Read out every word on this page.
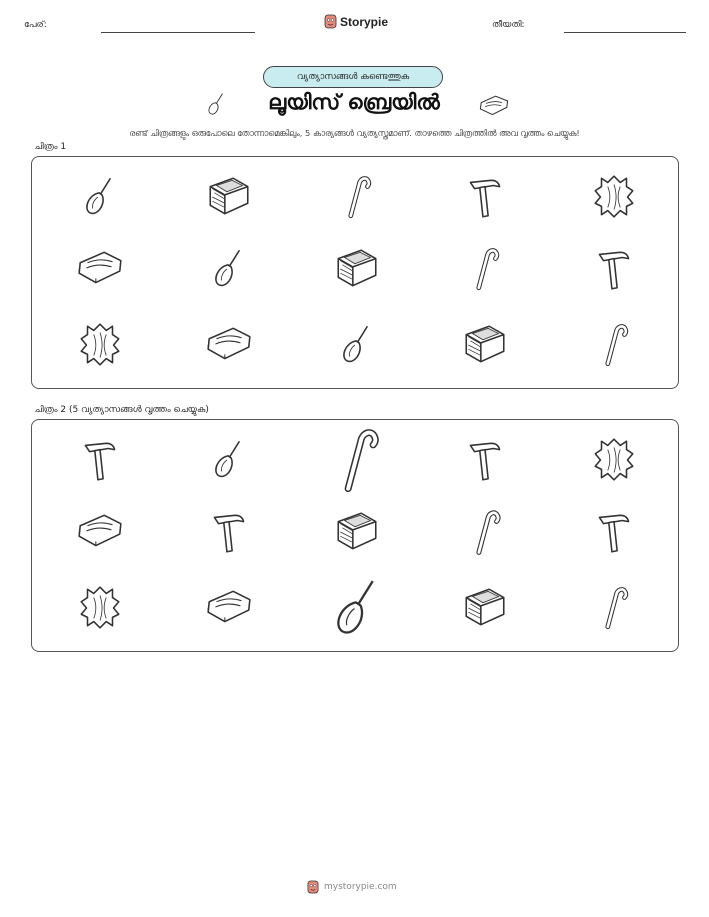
പേര്:	Storypie	തീയതി:
വ്യത്യാസങ്ങൾ കണ്ടെത്തുക
ലൂയിസ് ബ്രെയിൽ
രണ്ട് ചിത്രങ്ങളും ഒരുപോലെ തോന്നാമെങ്കിലും, 5 കാര്യങ്ങൾ വ്യത്യസ്തമാണ്. താഴത്തെ ചിത്രത്തിൽ അവ വൃത്തം ചെയ്യുക!
ചിത്രം 1
ചിത്രം 2 (5 വ്യത്യാസങ്ങൾ വൃത്തം ചെയ്യുക)
mystorypie.com
